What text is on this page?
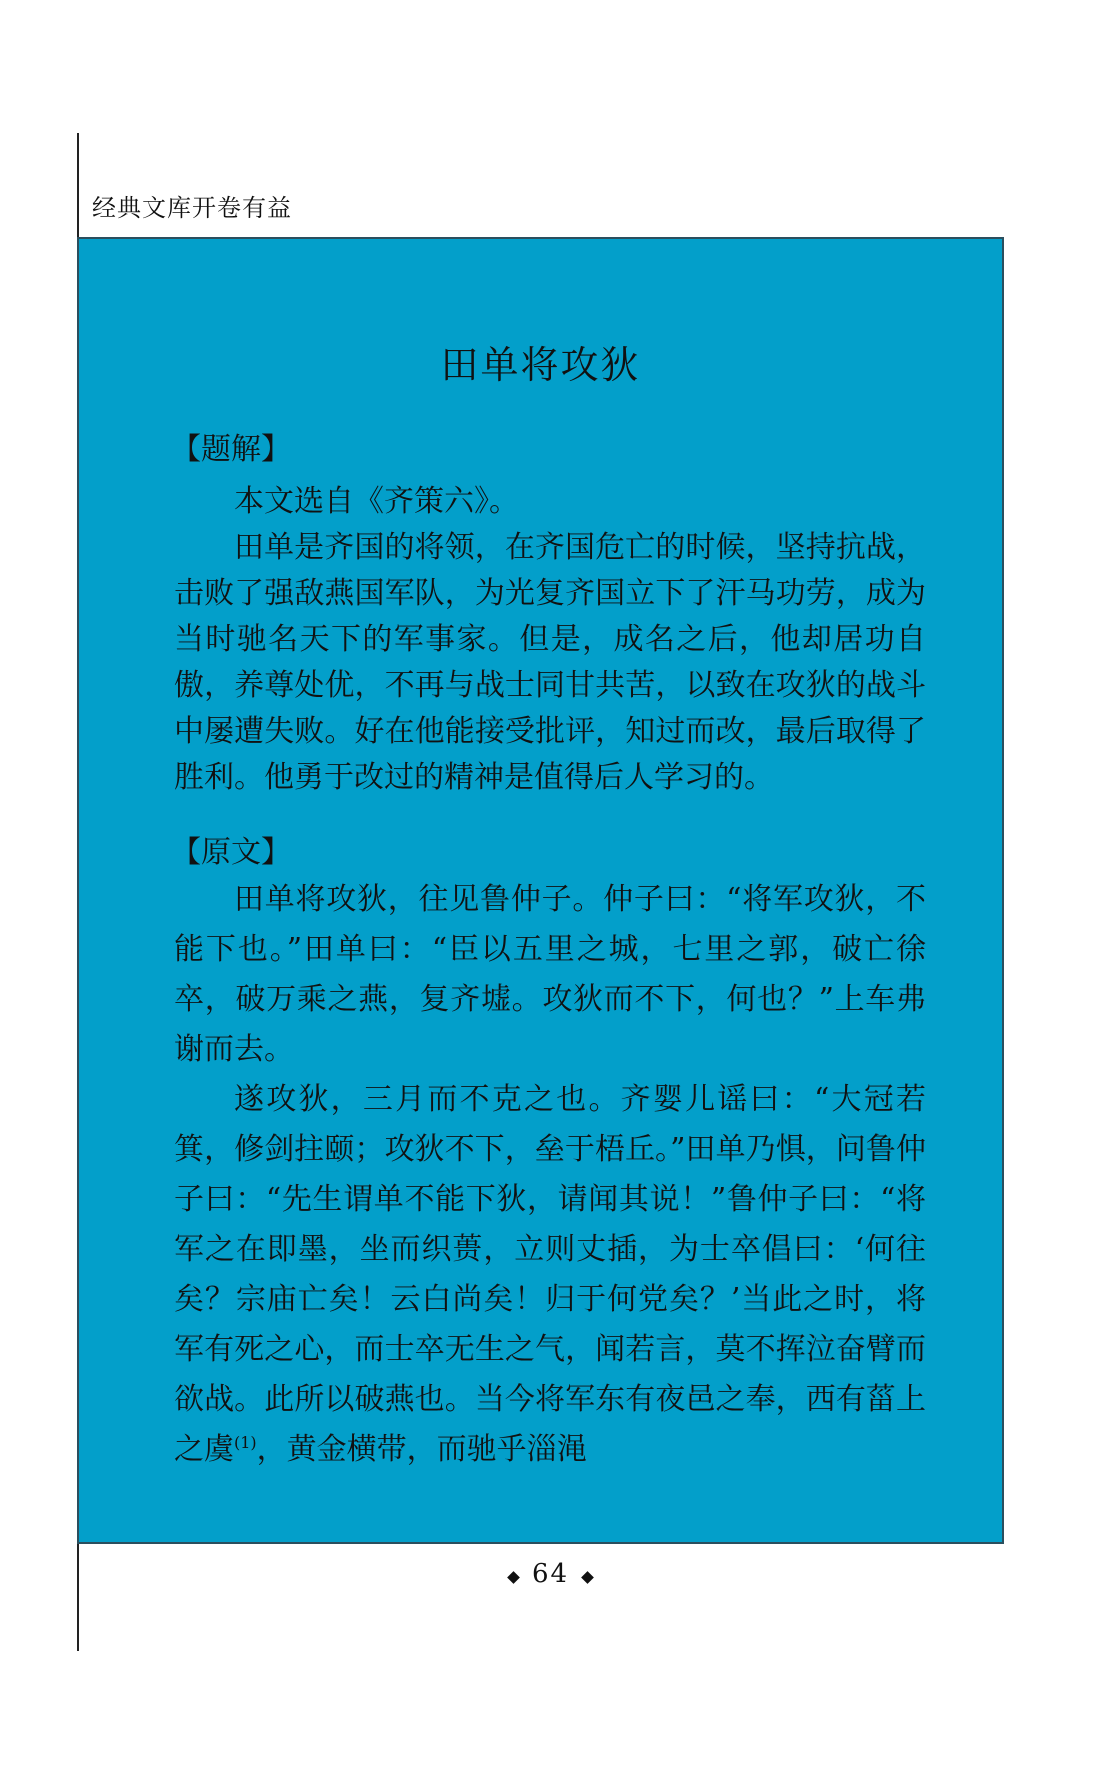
经典文库开卷有益
田单将攻狄
【题解】

本文选自《齐策六》。

田单是齐国的将领，在齐国危亡的时候，坚持抗战，击败了强敌燕国军队，为光复齐国立下了汗马功劳，成为当时驰名天下的军事家。但是，成名之后，他却居功自傲，养尊处优，不再与战士同甘共苦，以致在攻狄的战斗中屡遭失败。好在他能接受批评，知过而改，最后取得了胜利。他勇于改过的精神是值得后人学习的。

【原文】

田单将攻狄，往见鲁仲子。仲子曰：“将军攻狄，不能下也。”田单曰：“臣以五里之城，七里之郭，破亡徐卒，破万乘之燕，复齐墟。攻狄而不下，何也？”上车弗谢而去。

遂攻狄，三月而不克之也。齐婴儿谣曰：“大冠若箕，修剑拄颐；攻狄不下，垒于梧丘。”田单乃惧，问鲁仲子曰：“先生谓单不能下狄，请闻其说！”鲁仲子曰：“将军之在即墨，坐而织蒉，立则丈插，为士卒倡曰：‘何往矣？宗庙亡矣！云白尚矣！归于何党矣？’当此之时，将军有死之心，而士卒无生之气，闻若言，莫不挥泣奋臂而欲战。此所以破燕也。当今将军东有夜邑之奉，西有菑上之虞$^{(1)}$，黄金横带，而驰乎淄渑

64
